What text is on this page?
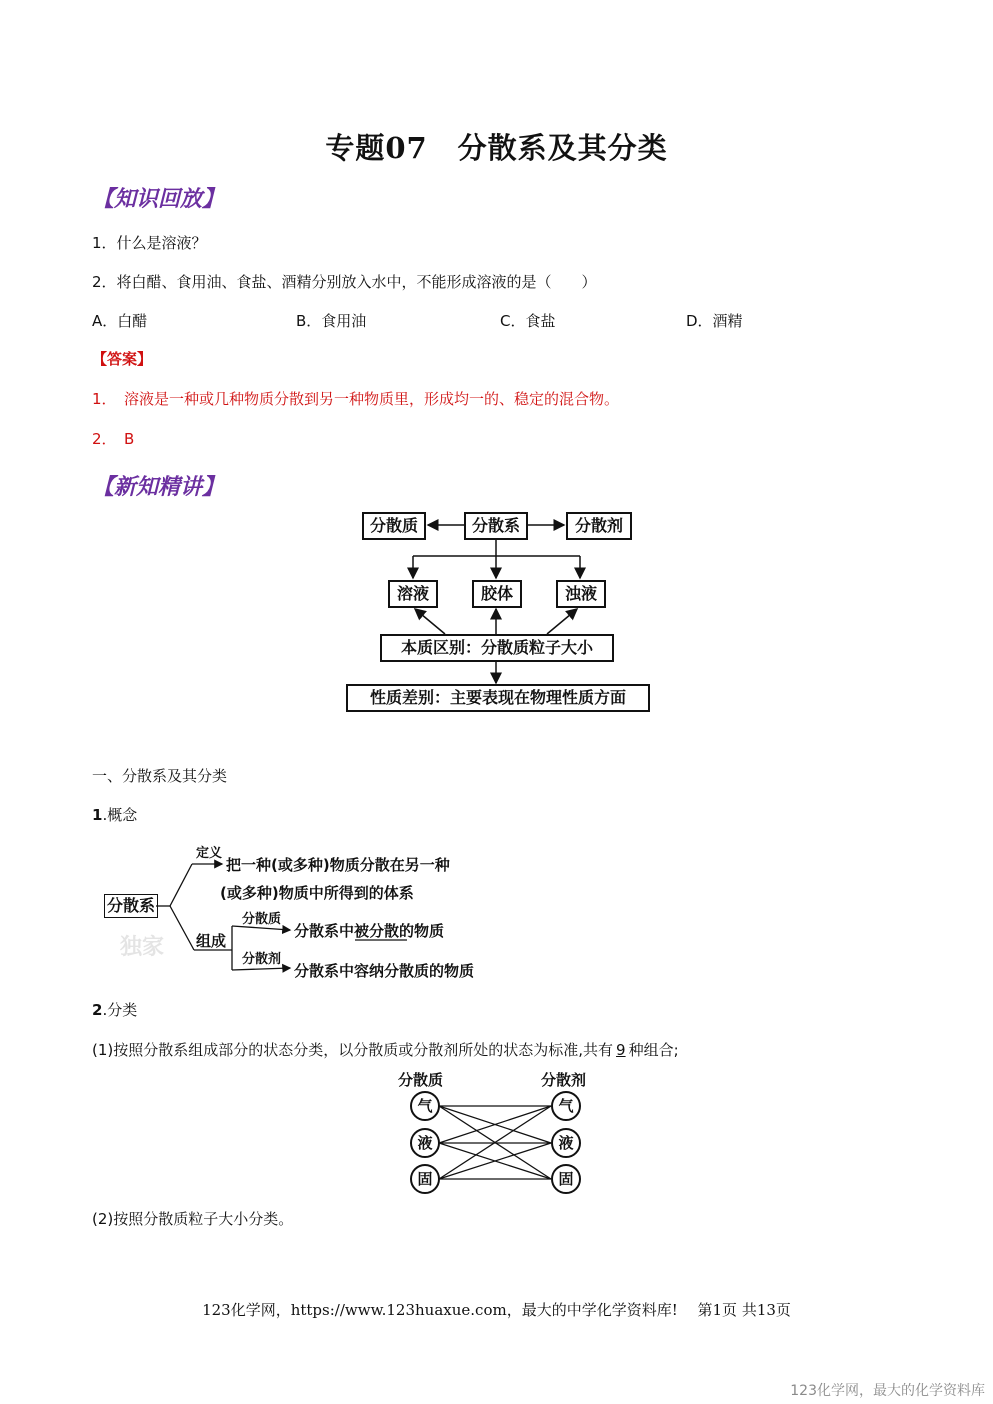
专题07　分散系及其分类
【知识回放】
1．什么是溶液？
2．将白醋、食用油、食盐、酒精分别放入水中，不能形成溶液的是（　　）
A．白醋	B．食用油	C．食盐	D．酒精
【答案】
1．　溶液是一种或几种物质分散到另一种物质里，形成均一的、稳定的混合物。
2．　B
【新知精讲】
分散质	分散系	分散剂
溶液	胶体	浊液
本质区别：分散质粒子大小
性质差别：主要表现在物理性质方面
一、分散系及其分类
1.概念
独家
分散系
定义
把一种(或多种)物质分散在另一种
(或多种)物质中所得到的体系
组成
分散质
分散系中被分散的物质
分散剂
分散系中容纳分散质的物质
2.分类
(1)按照分散系组成部分的状态分类，以分散质或分散剂所处的状态为标准,共有 9 种组合;
分散质	分散剂
气
液
固
气
液
固
(2)按照分散质粒子大小分类。
123化学网，https://www.123huaxue.com，最大的中学化学资料库!　 第1页 共13页
123化学网，最大的化学资料库
